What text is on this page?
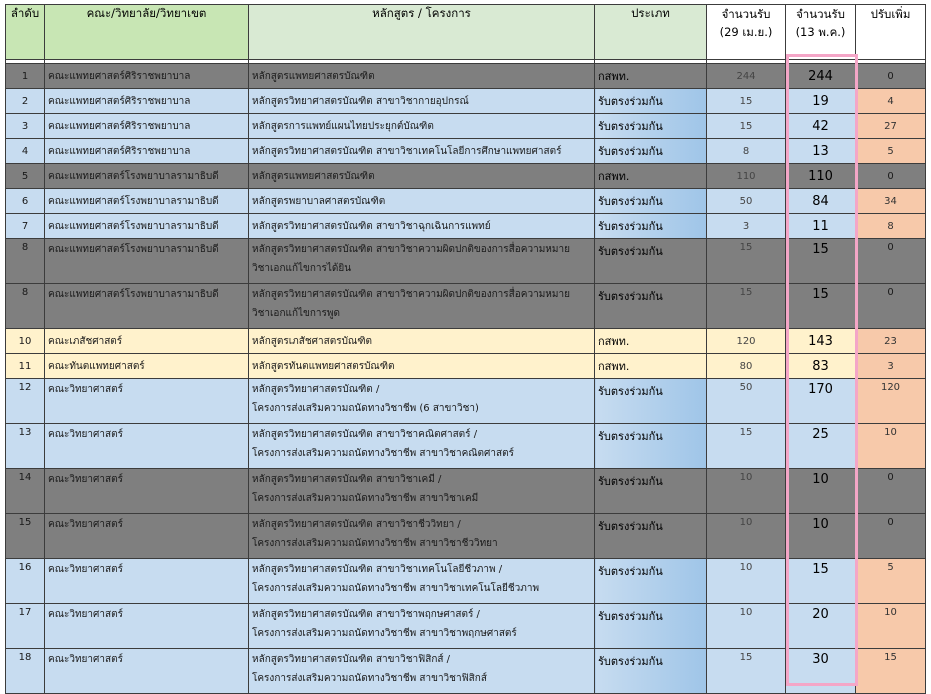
ลำดับ	คณะ/วิทยาลัย/วิทยาเขต	หลักสูตร / โครงการ	ประเภท	จำนวนรับ
(29 เม.ย.)	จำนวนรับ
(13 พ.ค.)	ปรับเพิ่ม

1	คณะแพทยศาสตร์ศิริราชพยาบาล	หลักสูตรแพทยศาสตรบัณฑิต	กสพท.	244	244	0
2	คณะแพทยศาสตร์ศิริราชพยาบาล	หลักสูตรวิทยาศาสตรบัณฑิต สาขาวิชากายอุปกรณ์	รับตรงร่วมกัน	15	19	4
3	คณะแพทยศาสตร์ศิริราชพยาบาล	หลักสูตรการแพทย์แผนไทยประยุกต์บัณฑิต	รับตรงร่วมกัน	15	42	27
4	คณะแพทยศาสตร์ศิริราชพยาบาล	หลักสูตรวิทยาศาสตรบัณฑิต สาขาวิชาเทคโนโลยีการศึกษาแพทยศาสตร์	รับตรงร่วมกัน	8	13	5
5	คณะแพทยศาสตร์โรงพยาบาลรามาธิบดี	หลักสูตรแพทยศาสตรบัณฑิต	กสพท.	110	110	0
6	คณะแพทยศาสตร์โรงพยาบาลรามาธิบดี	หลักสูตรพยาบาลศาสตรบัณฑิต	รับตรงร่วมกัน	50	84	34
7	คณะแพทยศาสตร์โรงพยาบาลรามาธิบดี	หลักสูตรวิทยาศาสตรบัณฑิต สาขาวิชาฉุกเฉินการแพทย์	รับตรงร่วมกัน	3	11	8
8	คณะแพทยศาสตร์โรงพยาบาลรามาธิบดี	หลักสูตรวิทยาศาสตรบัณฑิต สาขาวิชาความผิดปกติของการสื่อความหมาย
วิชาเอกแก้ไขการได้ยิน	รับตรงร่วมกัน	15	15	0
8	คณะแพทยศาสตร์โรงพยาบาลรามาธิบดี	หลักสูตรวิทยาศาสตรบัณฑิต สาขาวิชาความผิดปกติของการสื่อความหมาย
วิชาเอกแก้ไขการพูด	รับตรงร่วมกัน	15	15	0
10	คณะเภสัชศาสตร์	หลักสูตรเภสัชศาสตรบัณฑิต	กสพท.	120	143	23
11	คณะทันตแพทยศาสตร์	หลักสูตรทันตแพทยศาสตรบัณฑิต	กสพท.	80	83	3
12	คณะวิทยาศาสตร์	หลักสูตรวิทยาศาสตรบัณฑิต /
โครงการส่งเสริมความถนัดทางวิชาชีพ (6 สาขาวิชา)	รับตรงร่วมกัน	50	170	120
13	คณะวิทยาศาสตร์	หลักสูตรวิทยาศาสตรบัณฑิต สาขาวิชาคณิตศาสตร์ /
โครงการส่งเสริมความถนัดทางวิชาชีพ สาขาวิชาคณิตศาสตร์	รับตรงร่วมกัน	15	25	10
14	คณะวิทยาศาสตร์	หลักสูตรวิทยาศาสตรบัณฑิต สาขาวิชาเคมี /
โครงการส่งเสริมความถนัดทางวิชาชีพ สาขาวิชาเคมี	รับตรงร่วมกัน	10	10	0
15	คณะวิทยาศาสตร์	หลักสูตรวิทยาศาสตรบัณฑิต สาขาวิชาชีววิทยา /
โครงการส่งเสริมความถนัดทางวิชาชีพ สาขาวิชาชีววิทยา	รับตรงร่วมกัน	10	10	0
16	คณะวิทยาศาสตร์	หลักสูตรวิทยาศาสตรบัณฑิต สาขาวิชาเทคโนโลยีชีวภาพ /
โครงการส่งเสริมความถนัดทางวิชาชีพ สาขาวิชาเทคโนโลยีชีวภาพ	รับตรงร่วมกัน	10	15	5
17	คณะวิทยาศาสตร์	หลักสูตรวิทยาศาสตรบัณฑิต สาขาวิชาพฤกษศาสตร์ /
โครงการส่งเสริมความถนัดทางวิชาชีพ สาขาวิชาพฤกษศาสตร์	รับตรงร่วมกัน	10	20	10
18	คณะวิทยาศาสตร์	หลักสูตรวิทยาศาสตรบัณฑิต สาขาวิชาฟิสิกส์ /
โครงการส่งเสริมความถนัดทางวิชาชีพ สาขาวิชาฟิสิกส์	รับตรงร่วมกัน	15	30	15
